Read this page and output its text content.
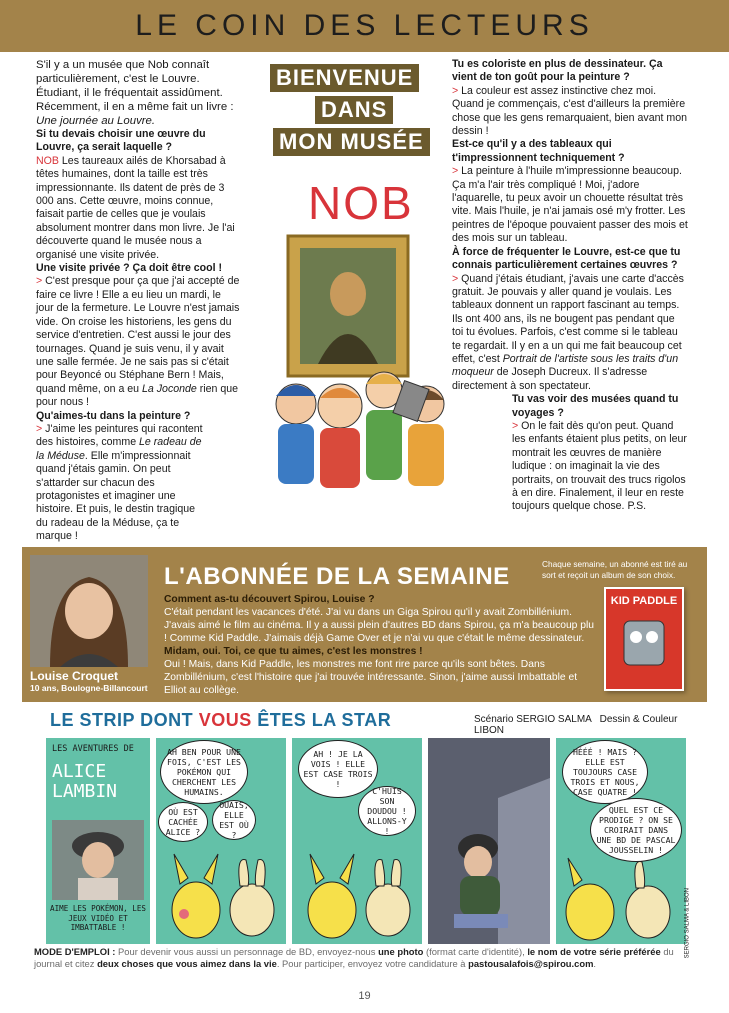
LE COIN DES LECTEURS

S'il y a un musée que Nob connaît particulièrement, c'est le Louvre. Étudiant, il le fréquentait assidûment. Récemment, il en a même fait un livre : Une journée au Louvre.

Si tu devais choisir une œuvre du Louvre, ça serait laquelle ?

NOB Les taureaux ailés de Khorsabad à têtes humaines, dont la taille est très impressionnante. Ils datent de près de 3 000 ans. Cette œuvre, moins connue, faisait partie de celles que je voulais absolument montrer dans mon livre. Je l'ai découverte quand le musée nous a organisé une visite privée.

Une visite privée ? Ça doit être cool !

> C'est presque pour ça que j'ai accepté de faire ce livre ! Elle a eu lieu un mardi, le jour de la fermeture. Le Louvre n'est jamais vide. On croise les historiens, les gens du service d'entretien. C'est aussi le jour des tournages. Quand je suis venu, il y avait une salle fermée. Je ne sais pas si c'était pour Beyoncé ou Stéphane Bern ! Mais, quand même, on a eu La Joconde rien que pour nous !

Qu'aimes-tu dans la peinture ?

> J'aime les peintures qui racontent des histoires, comme Le radeau de la Méduse. Elle m'impressionnait quand j'étais gamin. On peut s'attarder sur chacun des protagonistes et imaginer une histoire. Et puis, le destin tragique du radeau de la Méduse, ça te marque !

BIENVENUE
DANS
MON MUSÉE
NOB

Tu es coloriste en plus de dessinateur. Ça vient de ton goût pour la peinture ?

> La couleur est assez instinctive chez moi. Quand je commençais, c'est d'ailleurs la première chose que les gens remarquaient, bien avant mon dessin !

Est-ce qu'il y a des tableaux qui t'impressionnent techniquement ?

> La peinture à l'huile m'impressionne beaucoup. Ça m'a l'air très compliqué ! Moi, j'adore l'aquarelle, tu peux avoir un chouette résultat très vite. Mais l'huile, je n'ai jamais osé m'y frotter. Les peintres de l'époque pouvaient passer des mois et des mois sur un tableau.

À force de fréquenter le Louvre, est-ce que tu connais particulièrement certaines œuvres ?

> Quand j'étais étudiant, j'avais une carte d'accès gratuit. Je pouvais y aller quand je voulais. Les tableaux donnent un rapport fascinant au temps. Ils ont 400 ans, ils ne bougent pas pendant que toi tu évolues. Parfois, c'est comme si le tableau te regardait. Il y en a un qui me fait beaucoup cet effet, c'est Portrait de l'artiste sous les traits d'un moqueur de Joseph Ducreux. Il s'adresse directement à son spectateur.

Tu vas voir des musées quand tu voyages ?

> On le fait dès qu'on peut. Quand les enfants étaient plus petits, on leur montrait les œuvres de manière ludique : on imaginait la vie des portraits, on trouvait des trucs rigolos à en dire. Finalement, il leur en reste toujours quelque chose. P.S.

Louise Croquet
10 ans, Boulogne-Billancourt
L'ABONNÉE DE LA SEMAINE	Chaque semaine, un abonné est tiré au sort et reçoit un album de son choix.
Comment as-tu découvert Spirou, Louise ?
C'était pendant les vacances d'été. J'ai vu dans un Giga Spirou qu'il y avait Zombillénium. J'avais aimé le film au cinéma. Il y a aussi plein d'autres BD dans Spirou, ça m'a beaucoup plu ! Comme Kid Paddle. J'aimais déjà Game Over et je n'ai vu que c'était le même dessinateur.
Midam, oui. Toi, ce que tu aimes, c'est les monstres !
Oui ! Mais, dans Kid Paddle, les monstres me font rire parce qu'ils sont bêtes. Dans Zombillénium, c'est l'histoire que j'ai trouvée intéressante. Sinon, j'aime aussi Imbattable et Elliot au collège.
KID PADDLE
LE STRIP DONT VOUS ÊTES LA STAR	Scénario SERGIO SALMA Dessin & Couleur LIBON
LES AVENTURES DE
ALICE LAMBIN
AIME LES POKÉMON, LES JEUX VIDÉO ET IMBATTABLE !
AH BEN POUR UNE FOIS, C'EST LES POKÉMON QUI CHERCHENT LES HUMAINS.
OÙ EST CACHÉE ALICE ?
OUAIS, ELLE EST OÙ ?
AH ! JE LA VOIS ! ELLE EST CASE TROIS !
C'HUIS SON DOUDOU ! ALLONS-Y !
HÉÉÉ ! MAIS ? ELLE EST TOUJOURS CASE TROIS ET NOUS, CASE QUATRE !
QUEL EST CE PRODIGE ? ON SE CROIRAIT DANS UNE BD DE PASCAL JOUSSELIN !
SERGIO SALMA & LIBON
MODE D'EMPLOI : Pour devenir vous aussi un personnage de BD, envoyez-nous une photo (format carte d'identité), le nom de votre série préférée du journal et citez deux choses que vous aimez dans la vie. Pour participer, envoyez votre candidature à pastousalafois@spirou.com.
19
